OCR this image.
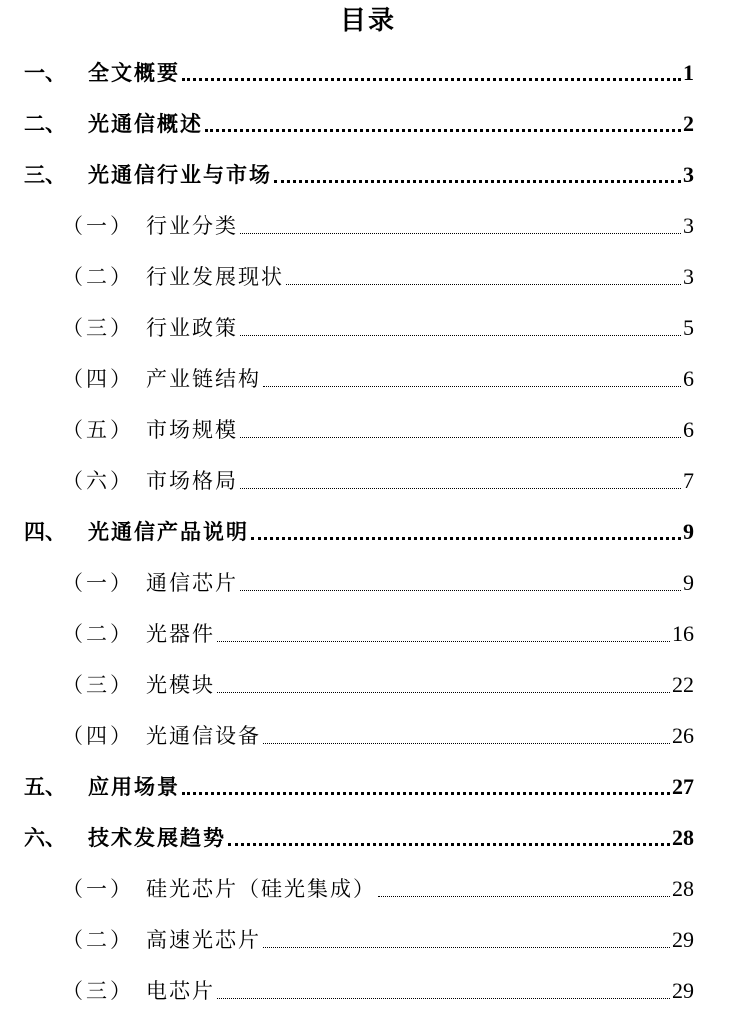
目录
一、	全文概要	1
二、	光通信概述	2
三、	光通信行业与市场	3
（一） 行业分类	3
（二） 行业发展现状	3
（三） 行业政策	5
（四） 产业链结构	6
（五） 市场规模	6
（六） 市场格局	7
四、	光通信产品说明	9
（一） 通信芯片	9
（二） 光器件	16
（三） 光模块	22
（四） 光通信设备	26
五、	应用场景	27
六、	技术发展趋势	28
（一） 硅光芯片（硅光集成）	28
（二） 高速光芯片	29
（三） 电芯片	29
